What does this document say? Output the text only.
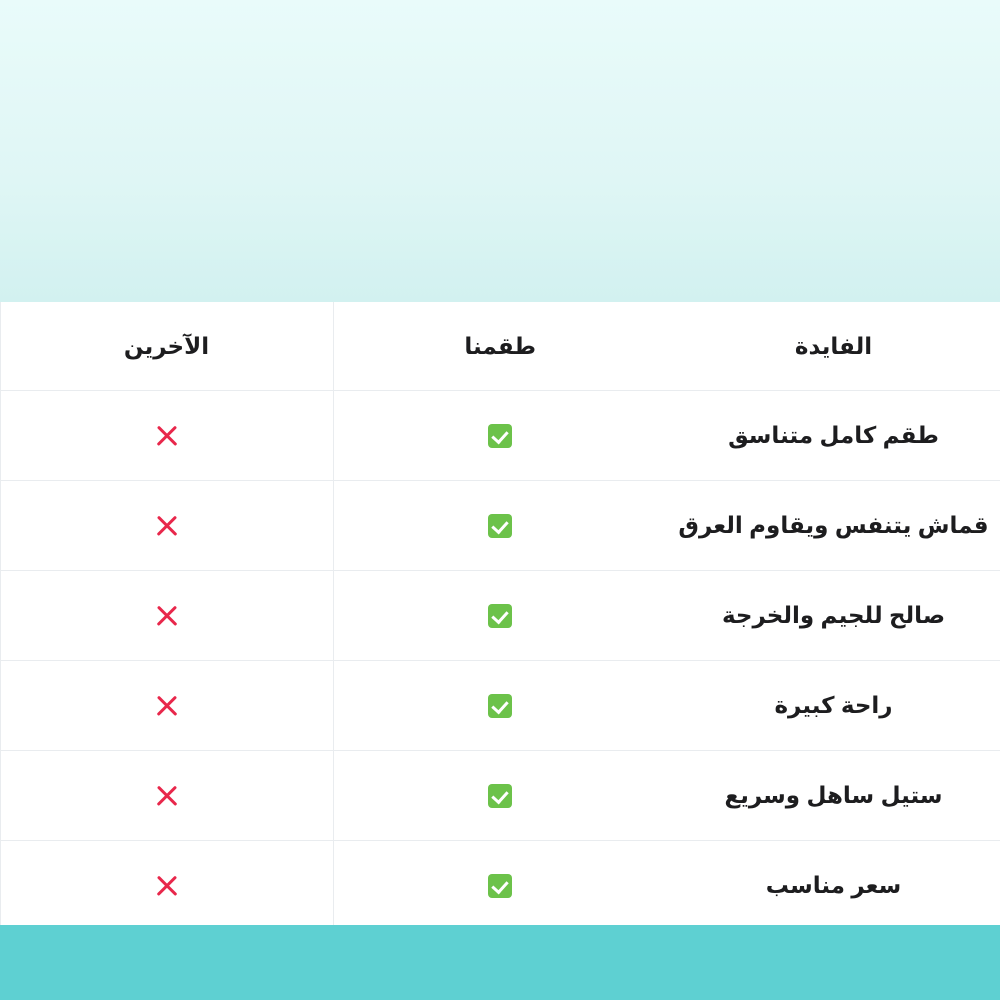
الفايدة	طقمنا	الآخرين
طقم كامل متناسق		
قماش يتنفس ويقاوم العرق		
صالح للجيم والخرجة		
راحة كبيرة		
ستيل ساهل وسريع		
سعر مناسب		
